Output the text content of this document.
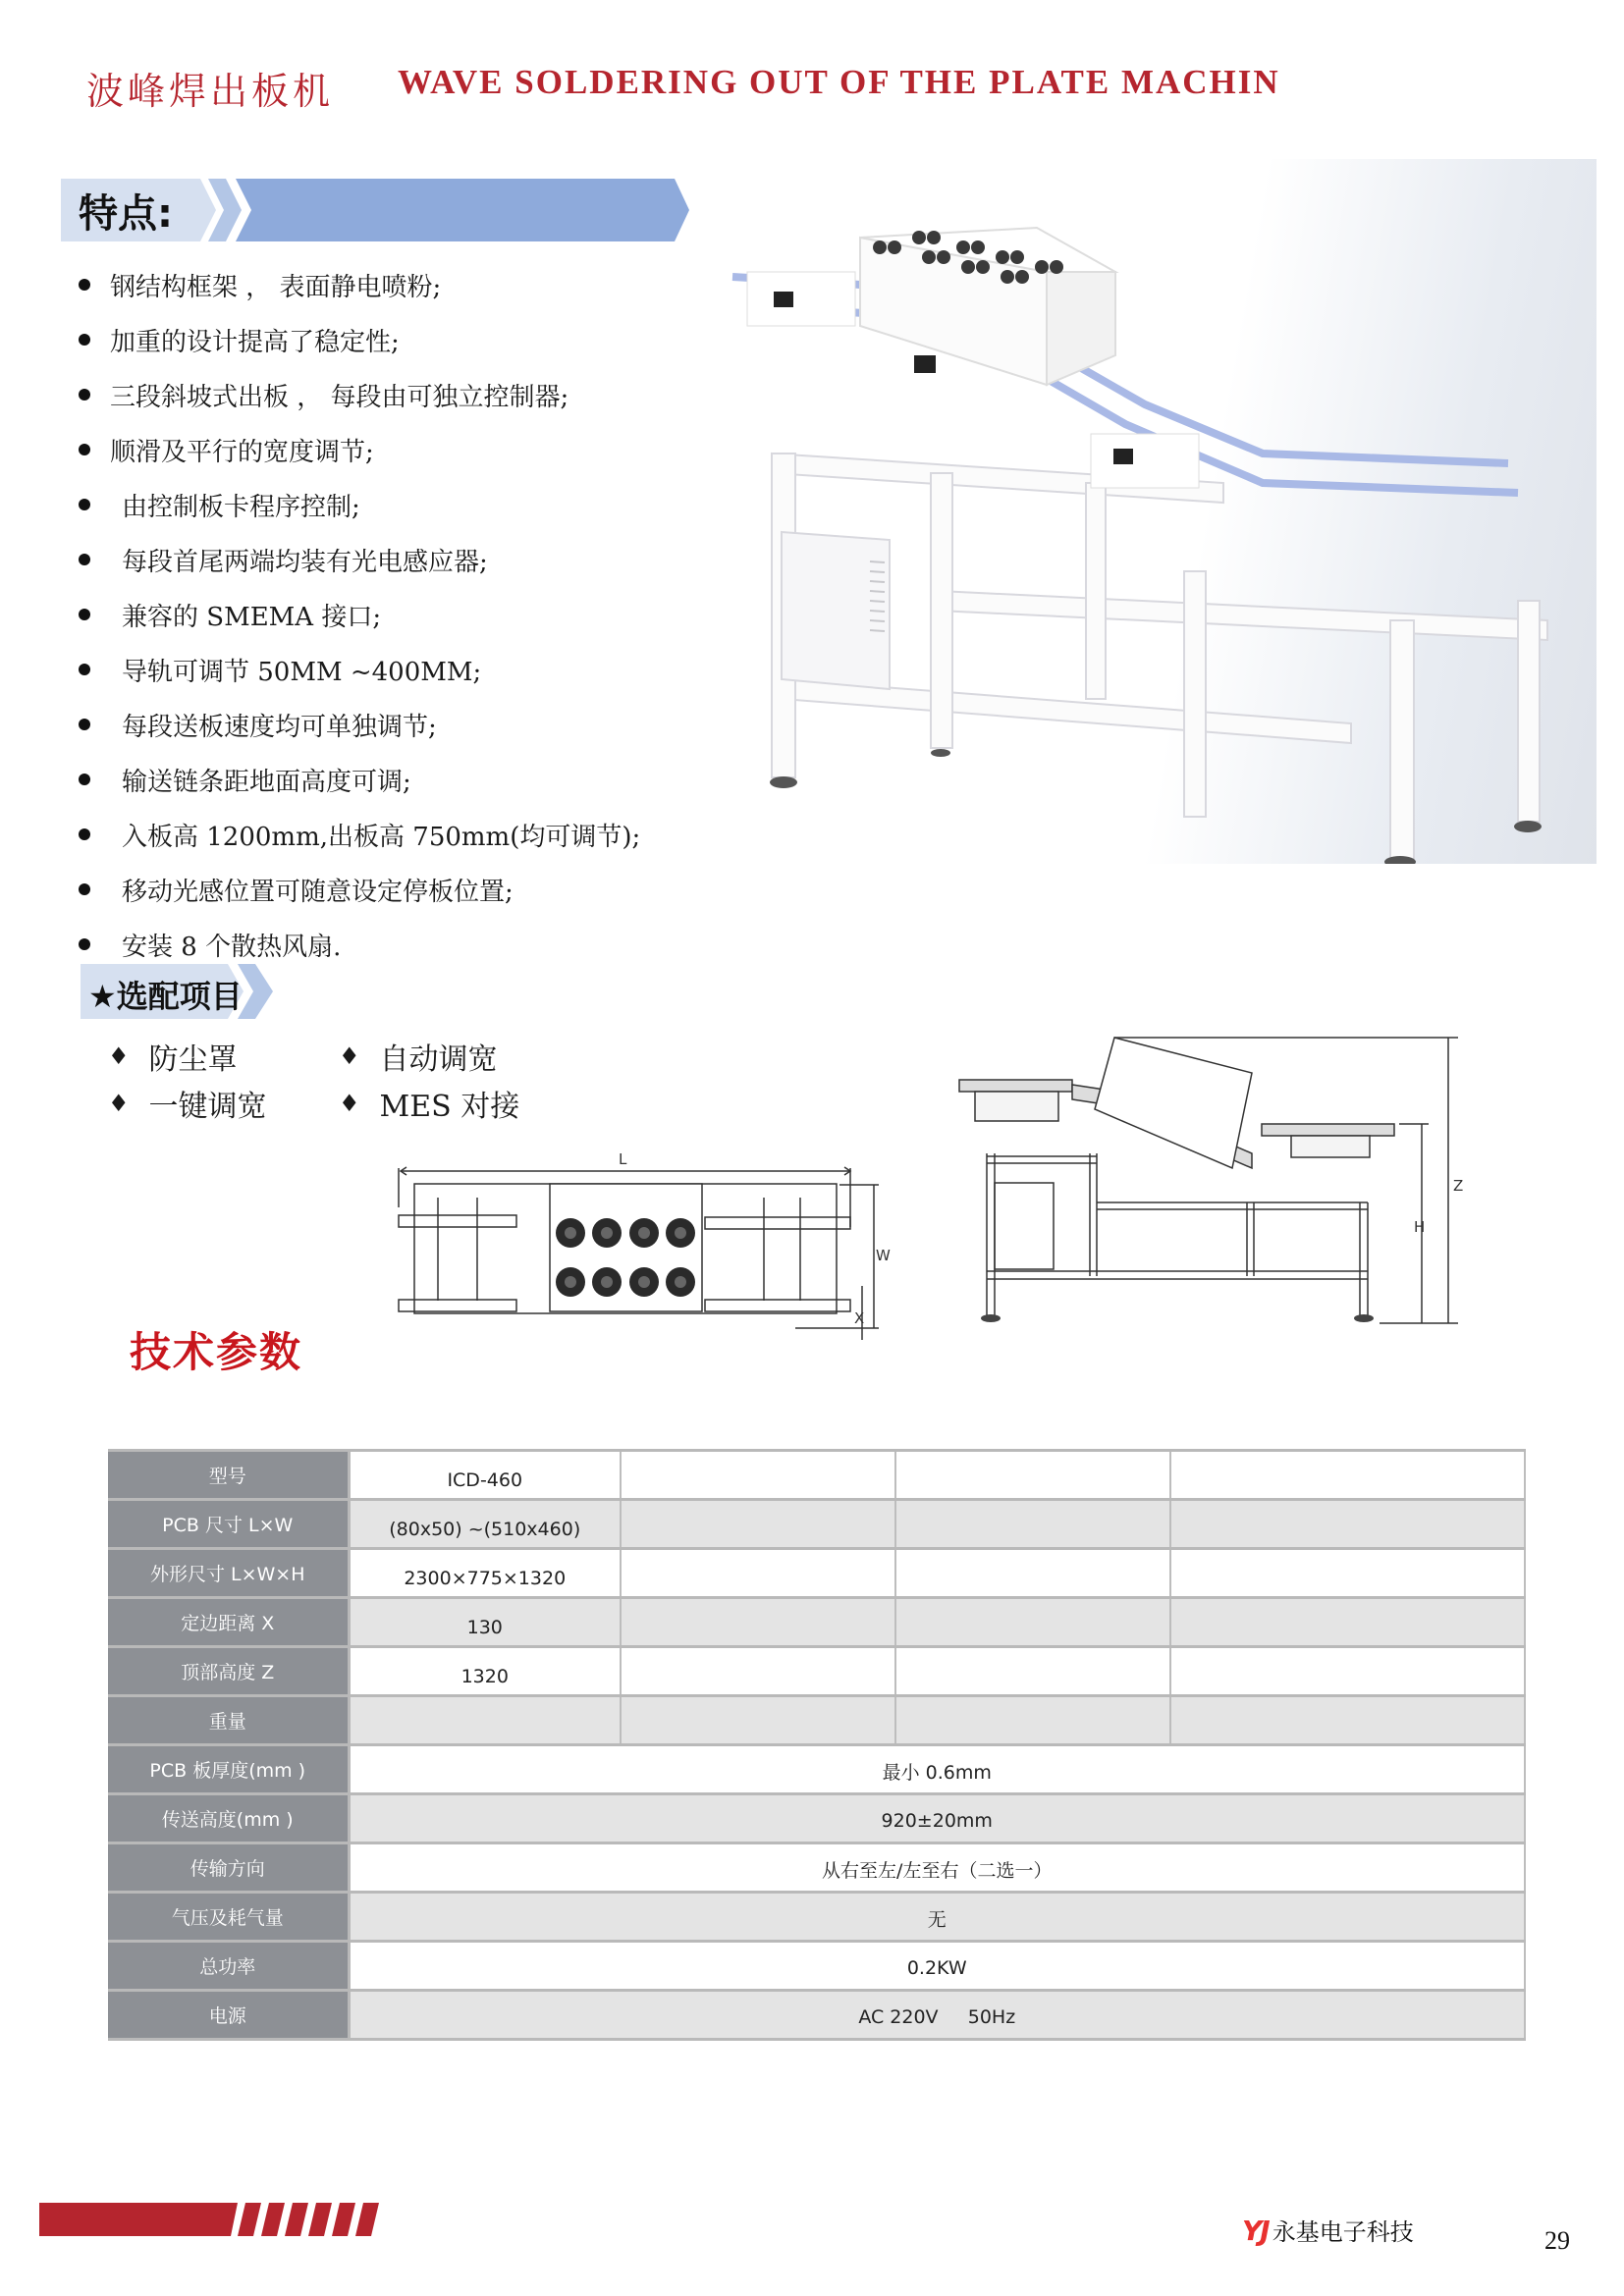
波峰焊出板机 WAVE SOLDERING OUT OF THE PLATE MACHIN
特点:
钢结构框架 ， 表面静电喷粉;
加重的设计提高了稳定性;
三段斜坡式出板 ， 每段由可独立控制器;
顺滑及平行的宽度调节;
由控制板卡程序控制;
每段首尾两端均装有光电感应器;
兼容的 SMEMA 接口;
导轨可调节 50MM ~400MM;
每段送板速度均可单独调节;
输送链条距地面高度可调;
入板高 1200mm,出板高 750mm(均可调节);
移动光感位置可随意设定停板位置;
安装 8 个散热风扇.
★选配项目
♦ 防尘罩	♦ 自动调宽
♦ 一键调宽	♦ MES 对接
L
W
X
Z
H
技术参数
型号	ICD-460			
PCB 尺寸 L×W	(80x50) ~(510x460)			
外形尺寸 L×W×H	2300×775×1320			
定边距离 X	130			
顶部高度 Z	1320			
重量				
PCB 板厚度(mm )	最小 0.6mm			
传送高度(mm )	920±20mm			
传输方向	从右至左/左至右（二选一）			
气压及耗气量	无			
总功率	0.2KW			
电源	AC 220V     50Hz			
YJ 永基电子科技	29
